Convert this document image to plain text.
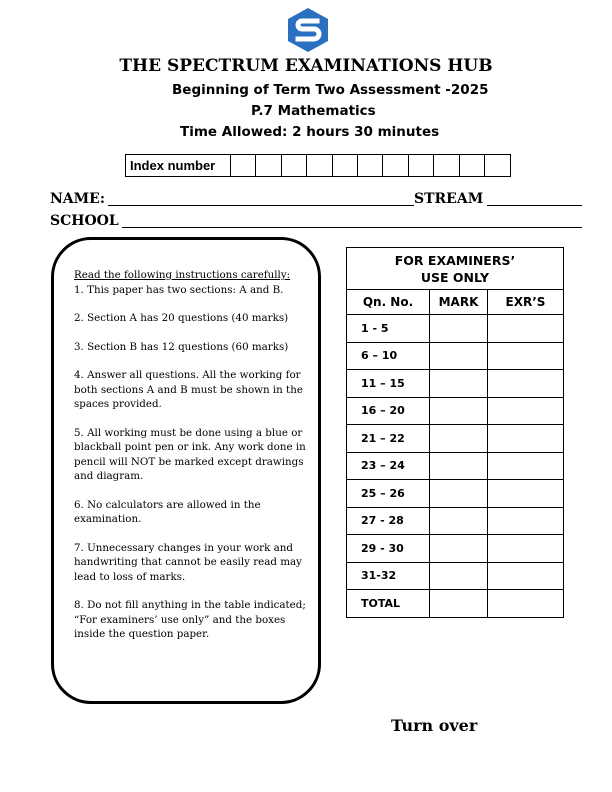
THE SPECTRUM EXAMINATIONS HUB
Beginning of Term Two Assessment -2025
P.7 Mathematics
Time Allowed: 2 hours 30 minutes
Index number
NAME:	STREAM
SCHOOL

Read the following instructions carefully:

1. This paper has two sections: A and B.

2. Section A has 20 questions (40 marks)

3. Section B has 12 questions (60 marks)

4. Answer all questions. All the working for both sections A and B must be shown in the spaces provided.

5. All working must be done using a blue or blackball point pen or ink. Any work done in pencil will NOT be marked except drawings and diagram.

6. No calculators are allowed in the examination.

7. Unnecessary changes in your work and handwriting that cannot be easily read may lead to loss of marks.

8. Do not fill anything in the table indicated; “For examiners’ use only” and the boxes inside the question paper.

FOR EXAMINERS’
USE ONLY		

Qn. No.	MARK	EXR’S
1 - 5		
6 – 10		
11 – 15		
16 – 20		
21 – 22		
23 – 24		
25 – 26		
27 - 28		
29 - 30		
31-32		
TOTAL		
Turn over
